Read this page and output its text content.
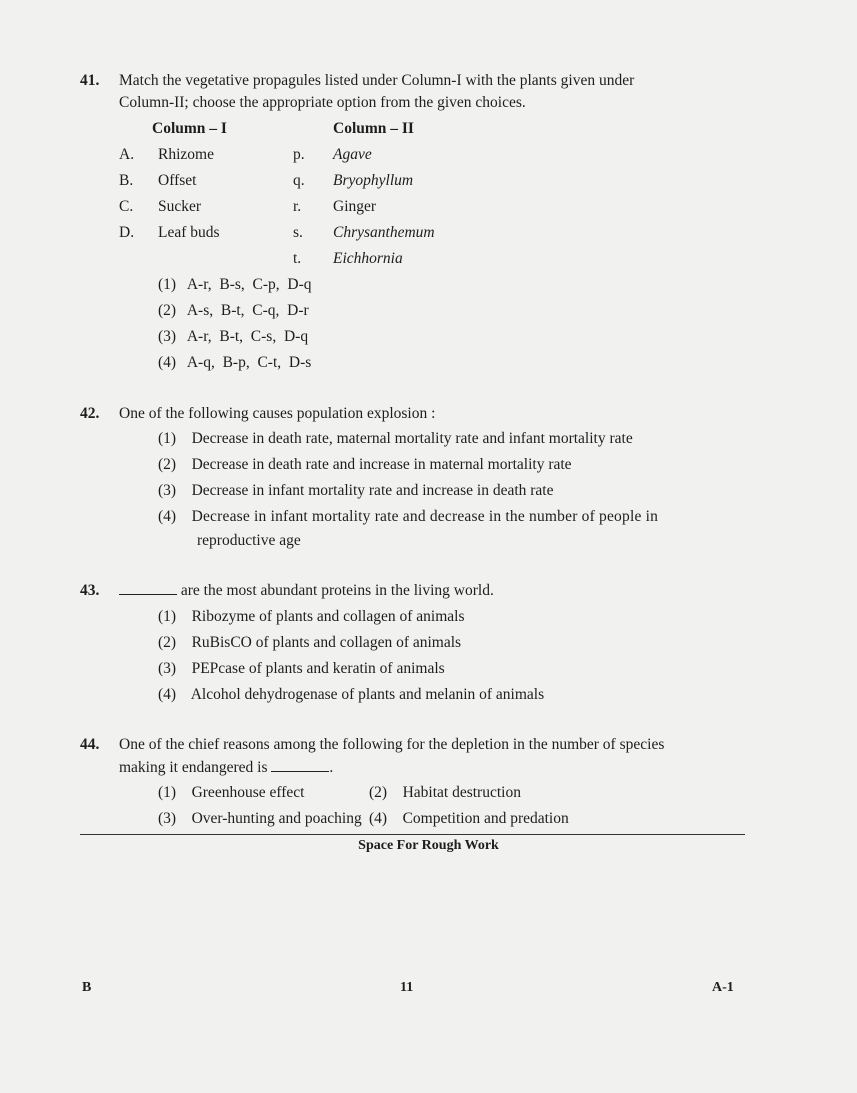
41. Match the vegetative propagules listed under Column-I with the plants given under
Column-II; choose the appropriate option from the given choices.
Column – I	Column – II
A. Rhizome	p. Agave
B. Offset	q. Bryophyllum
C. Sucker	r. Ginger
D. Leaf buds	s. Chrysanthemum
t. Eichhornia
(1) A-r,  B-s,  C-p,  D-q
(2) A-s,  B-t,  C-q,  D-r
(3) A-r,  B-t,  C-s,  D-q
(4) A-q,  B-p,  C-t,  D-s
42. One of the following causes population explosion :
(1) Decrease in death rate, maternal mortality rate and infant mortality rate
(2) Decrease in death rate and increase in maternal mortality rate
(3) Decrease in infant mortality rate and increase in death rate
(4) Decrease in infant mortality rate and decrease in the number of people in
reproductive age
43.	are the most abundant proteins in the living world.
(1) Ribozyme of plants and collagen of animals
(2) RuBisCO of plants and collagen of animals
(3) PEPcase of plants and keratin of animals
(4) Alcohol dehydrogenase of plants and melanin of animals
44. One of the chief reasons among the following for the depletion in the number of species
making it endangered is	.
(1) Greenhouse effect	(2) Habitat destruction
(3) Over-hunting and poaching (4) Competition and predation
Space For Rough Work
B	11	A-1
